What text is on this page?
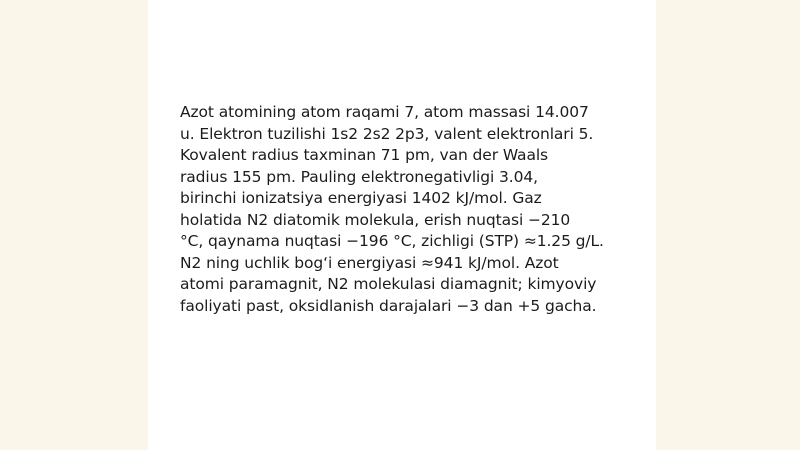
Azot atomining atom raqami 7, atom massasi 14.007
u. Elektron tuzilishi 1s2 2s2 2p3, valent elektronlari 5.
Kovalent radius taxminan 71 pm, van der Waals
radius 155 pm. Pauling elektronegativligi 3.04,
birinchi ionizatsiya energiyasi 1402 kJ/mol. Gaz
holatida N2 diatomik molekula, erish nuqtasi −210
°C, qaynama nuqtasi −196 °C, zichligi (STP) ≈1.25 g/L.
N2 ning uchlik bog‘i energiyasi ≈941 kJ/mol. Azot
atomi paramagnit, N2 molekulasi diamagnit; kimyoviy
faoliyati past, oksidlanish darajalari −3 dan +5 gacha.
